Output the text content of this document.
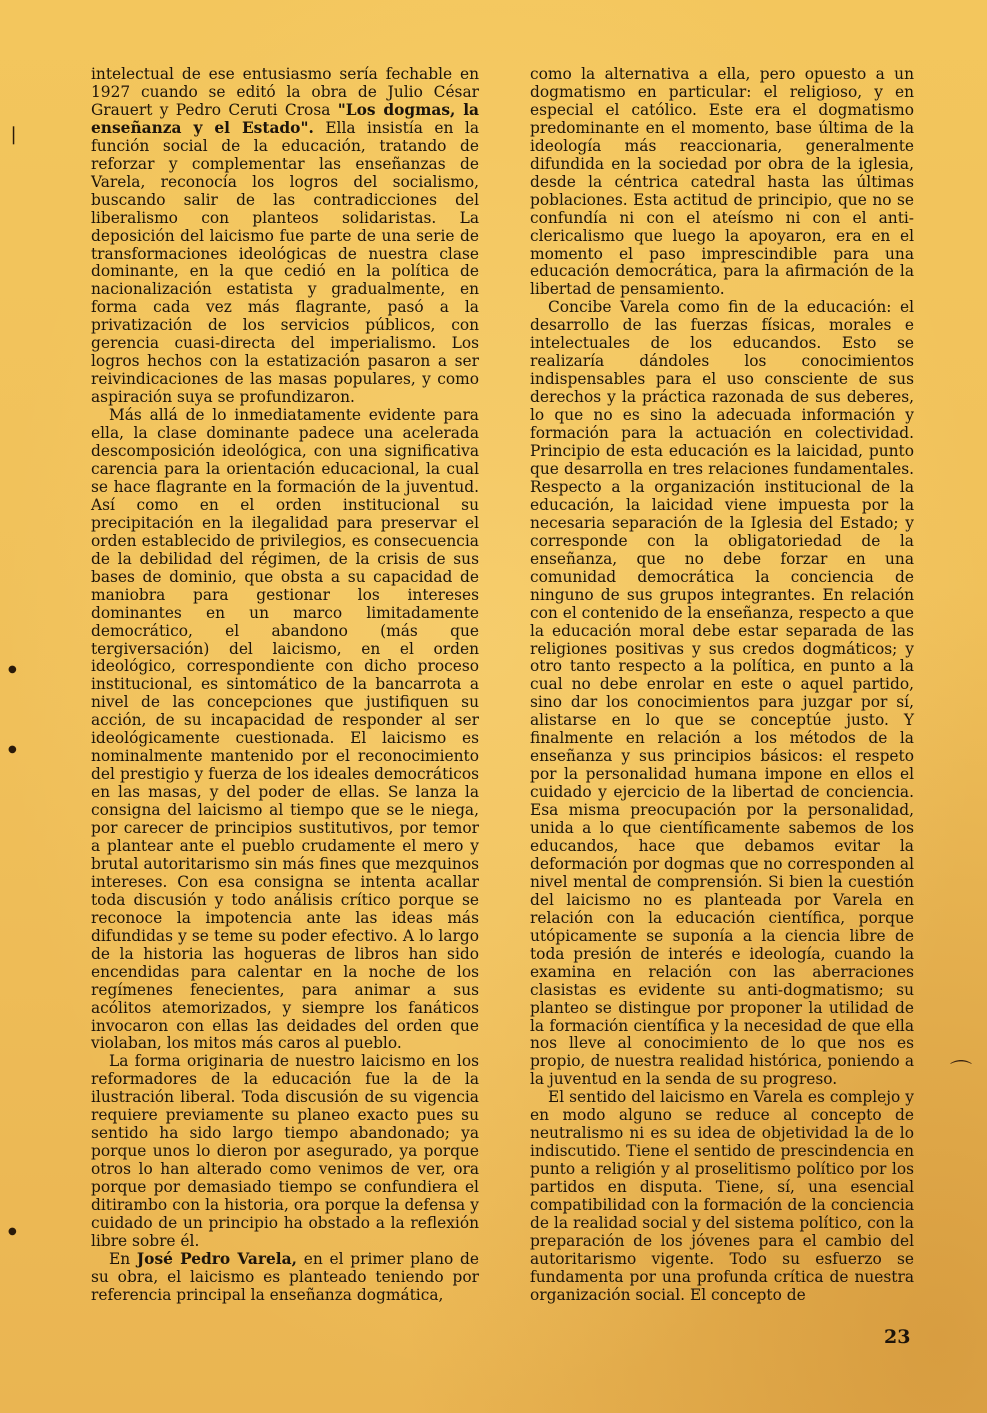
intelectual de ese entusiasmo sería fechable en 1927 cuando se editó la obra de Julio César Grauert y Pedro Ceruti Crosa "Los dogmas, la enseñanza y el Estado". Ella insistía en la función social de la educación, tratando de reforzar y complementar las enseñanzas de Varela, reconocía los logros del socialismo, buscando salir de las contradicciones del liberalismo con planteos solidaristas. La deposición del laicismo fue parte de una serie de transformaciones ideológicas de nuestra clase dominante, en la que cedió en la política de nacionalización estatista y gradualmente, en forma cada vez más flagrante, pasó a la privatización de los servicios públicos, con gerencia cuasi-directa del imperialismo. Los logros hechos con la estatización pasaron a ser reivindicaciones de las masas populares, y como aspiración suya se profundizaron.

Más allá de lo inmediatamente evidente para ella, la clase dominante padece una acelerada descomposición ideológica, con una significativa carencia para la orientación educacional, la cual se hace flagrante en la formación de la juventud. Así como en el orden institucional su precipitación en la ilegalidad para preservar el orden establecido de privilegios, es consecuencia de la debilidad del régimen, de la crisis de sus bases de dominio, que obsta a su capacidad de maniobra para gestionar los intereses dominantes en un marco limitadamente democrático, el abandono (más que tergiversación) del laicismo, en el orden ideológico, correspondiente con dicho proceso institucional, es sintomático de la bancarrota a nivel de las concepciones que justifiquen su acción, de su incapacidad de responder al ser ideológicamente cuestionada. El laicismo es nominalmente mantenido por el reconocimiento del prestigio y fuerza de los ideales democráticos en las masas, y del poder de ellas. Se lanza la consigna del laicismo al tiempo que se le niega, por carecer de principios sustitutivos, por temor a plantear ante el pueblo crudamente el mero y brutal autoritarismo sin más fines que mezquinos intereses. Con esa consigna se intenta acallar toda discusión y todo análisis crítico porque se reconoce la impotencia ante las ideas más difundidas y se teme su poder efectivo. A lo largo de la historia las hogueras de libros han sido encendidas para calentar en la noche de los regímenes fenecientes, para animar a sus acólitos atemorizados, y siempre los fanáticos invocaron con ellas las deidades del orden que violaban, los mitos más caros al pueblo.

La forma originaria de nuestro laicismo en los reformadores de la educación fue la de la ilustración liberal. Toda discusión de su vigencia requiere previamente su planeo exacto pues su sentido ha sido largo tiempo abandonado; ya porque unos lo dieron por asegurado, ya porque otros lo han alterado como venimos de ver, ora porque por demasiado tiempo se confundiera el ditirambo con la historia, ora porque la defensa y cuidado de un principio ha obstado a la reflexión libre sobre él.

En José Pedro Varela, en el primer plano de su obra, el laicismo es planteado teniendo por referencia principal la enseñanza dogmática,

como la alternativa a ella, pero opuesto a un dogmatismo en particular: el religioso, y en especial el católico. Este era el dogmatismo predominante en el momento, base última de la ideología más reaccionaria, generalmente difundida en la sociedad por obra de la iglesia, desde la céntrica catedral hasta las últimas poblaciones. Esta actitud de principio, que no se confundía ni con el ateísmo ni con el anti-clericalismo que luego la apoyaron, era en el momento el paso imprescindible para una educación democrática, para la afirmación de la libertad de pensamiento.

Concibe Varela como fin de la educación: el desarrollo de las fuerzas físicas, morales e intelectuales de los educandos. Esto se realizaría dándoles los conocimientos indispensables para el uso consciente de sus derechos y la práctica razonada de sus deberes, lo que no es sino la adecuada información y formación para la actuación en colectividad. Principio de esta educación es la laicidad, punto que desarrolla en tres relaciones fundamentales. Respecto a la organización institucional de la educación, la laicidad viene impuesta por la necesaria separación de la Iglesia del Estado; y corresponde con la obligatoriedad de la enseñanza, que no debe forzar en una comunidad democrática la conciencia de ninguno de sus grupos integrantes. En relación con el contenido de la enseñanza, respecto a que la educación moral debe estar separada de las religiones positivas y sus credos dogmáticos; y otro tanto respecto a la política, en punto a la cual no debe enrolar en este o aquel partido, sino dar los conocimientos para juzgar por sí, alistarse en lo que se conceptúe justo. Y finalmente en relación a los métodos de la enseñanza y sus principios básicos: el respeto por la personalidad humana impone en ellos el cuidado y ejercicio de la libertad de conciencia. Esa misma preocupación por la personalidad, unida a lo que científicamente sabemos de los educandos, hace que debamos evitar la deformación por dogmas que no corresponden al nivel mental de comprensión. Si bien la cuestión del laicismo no es planteada por Varela en relación con la educación científica, porque utópicamente se suponía a la ciencia libre de toda presión de interés e ideología, cuando la examina en relación con las aberraciones clasistas es evidente su anti-dogmatismo; su planteo se distingue por proponer la utilidad de la formación científica y la necesidad de que ella nos lleve al conocimiento de lo que nos es propio, de nuestra realidad histórica, poniendo a la juventud en la senda de su progreso.

El sentido del laicismo en Varela es complejo y en modo alguno se reduce al concepto de neutralismo ni es su idea de objetividad la de lo indiscutido. Tiene el sentido de prescindencia en punto a religión y al proselitismo político por los partidos en disputa. Tiene, sí, una esencial compatibilidad con la formación de la conciencia de la realidad social y del sistema político, con la preparación de los jóvenes para el cambio del autoritarismo vigente. Todo su esfuerzo se fundamenta por una profunda crítica de nuestra organización social. El concepto de

23
❘
●
●
●
⌒
